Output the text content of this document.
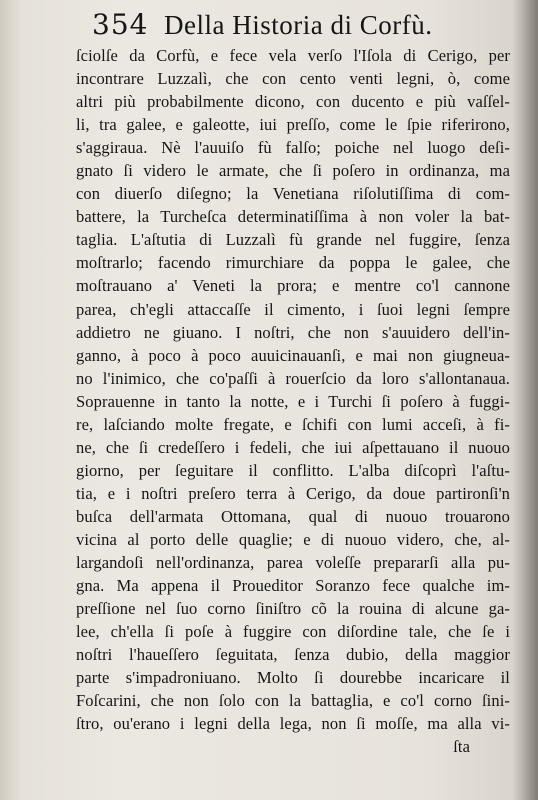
354 Della Historia di Corfù.
ſciolſe da Corfù, e fece vela verſo l'Iſola di Cerigo, per
incontrare Luzzalì, che con cento venti legni, ò, come
altri più probabilmente dicono, con ducento e più vaſſel-
li, tra galee, e galeotte, iui preſſo, come le ſpie riferirono,
s'aggiraua. Nè l'auuiſo fù falſo; poiche nel luogo deſi-
gnato ſi videro le armate, che ſi poſero in ordinanza, ma
con diuerſo diſegno; la Venetiana riſolutiſſima di com-
battere, la Turcheſca determinatiſſima à non voler la bat-
taglia. L'aſtutia di Luzzalì fù grande nel fuggire, ſenza
moſtrarlo; facendo rimurchiare da poppa le galee, che
moſtrauano a' Veneti la prora; e mentre co'l cannone
parea, ch'egli attaccaſſe il cimento, i ſuoi legni ſempre
addietro ne giuano. I noſtri, che non s'auuidero dell'in-
ganno, à poco à poco auuicinauanſi, e mai non giugneua-
no l'inimico, che co'paſſi à rouerſcio da loro s'allontanaua.
Soprauenne in tanto la notte, e i Turchi ſi poſero à fuggi-
re, laſciando molte fregate, e ſchifi con lumi acceſi, à fi-
ne, che ſi credeſſero i fedeli, che iui aſpettauano il nuouo
giorno, per ſeguitare il conflitto. L'alba diſcoprì l'aſtu-
tia, e i noſtri preſero terra à Cerigo, da doue partironſi'n
buſca dell'armata Ottomana, qual di nuouo trouarono
vicina al porto delle quaglie; e di nuouo videro, che, al-
largandoſi nell'ordinanza, parea voleſſe prepararſi alla pu-
gna. Ma appena il Proueditor Soranzo fece qualche im-
preſſione nel ſuo corno ſiniſtro cõ la rouina di alcune ga-
lee, ch'ella ſi poſe à fuggire con diſordine tale, che ſe i
noſtri l'haueſſero ſeguitata, ſenza dubio, della maggior
parte s'impadroniuano. Molto ſi dourebbe incaricare il
Foſcarini, che non ſolo con la battaglia, e co'l corno ſini-
ſtro, ou'erano i legni della lega, non ſi moſſe, ma alla vi-
ſta
